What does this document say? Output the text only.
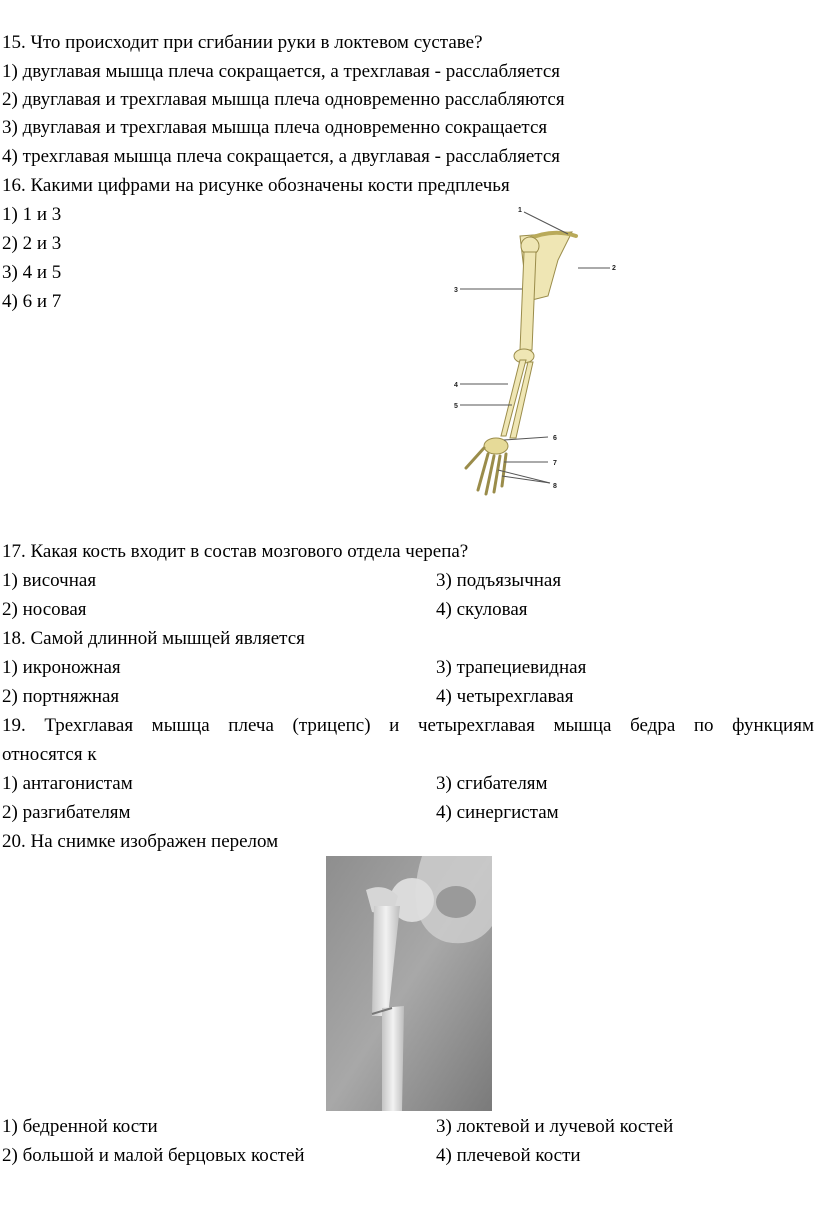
15. Что происходит при сгибании руки в локтевом суставе?
1) двуглавая мышца плеча сокращается, а трехглавая - расслабляется
2) двуглавая и трехглавая мышца плеча одновременно расслабляются
3) двуглавая и трехглавая мышца плеча одновременно сокращается
4) трехглавая мышца плеча сокращается, а двуглавая - расслабляется
16. Какими цифрами на рисунке обозначены кости предплечья
1) 1 и 3
2) 2 и 3
3) 4 и 5
4) 6 и 7
1
2
3
4
5
6
7
8
17. Какая кость входит в состав мозгового отдела черепа?
1) височная	3) подъязычная
2) носовая	4) скуловая
18. Самой длинной мышцей является
1) икроножная	3) трапециевидная
2) портняжная	4) четырехглавая
19. Трехглавая мышца плеча (трицепс) и четырехглавая мышца бедра по функциям
относятся к
1) антагонистам	3) сгибателям
2) разгибателям	4) синергистам
20. На снимке изображен перелом
1) бедренной кости	3) локтевой и лучевой костей
2) большой и малой берцовых костей	4) плечевой кости
